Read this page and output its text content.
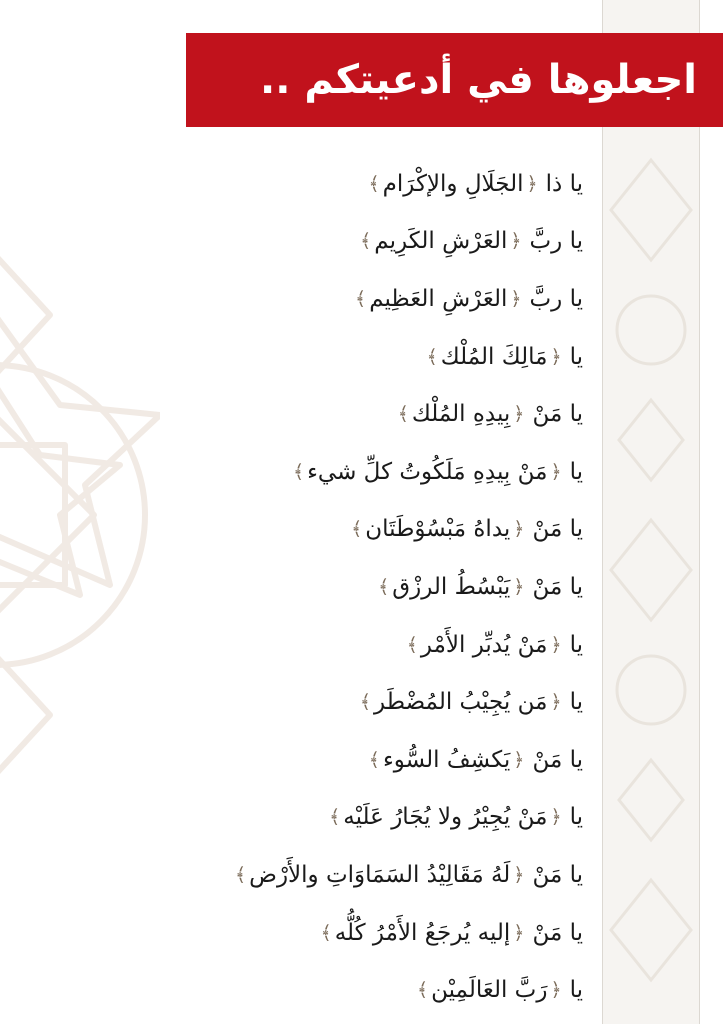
اجعلوها في أدعيتكم ..
يا ذا
﴿
الجَلَالِ والإكْرَام
﴾
يا ربَّ
﴿
العَرْشِ الكَرِيم
﴾
يا ربَّ
﴿
العَرْشِ العَظِيم
﴾
يا
﴿
مَالِكَ المُلْك
﴾
يا مَنْ
﴿
بِيدِهِ المُلْك
﴾
يا
﴿
مَنْ بِيدِهِ مَلَكُوتُ كلِّ شيء
﴾
يا مَنْ
﴿
يداهُ مَبْسُوْطَتَان
﴾
يا مَنْ
﴿
يَبْسُطُ الرزْق
﴾
يا
﴿
مَنْ يُدبِّر الأَمْر
﴾
يا
﴿
مَن يُجِيْبُ المُضْطَر
﴾
يا مَنْ
﴿
يَكشِفُ السُّوء
﴾
يا
﴿
مَنْ يُجِيْرُ ولا يُجَارُ عَلَيْه
﴾
يا مَنْ
﴿
لَهُ مَقَالِيْدُ السَمَاوَاتِ والأَرْض
﴾
يا مَنْ
﴿
إليه يُرجَعُ الأَمْرُ كُلُّه
﴾
يا
﴿
رَبَّ العَالَمِيْن
﴾
